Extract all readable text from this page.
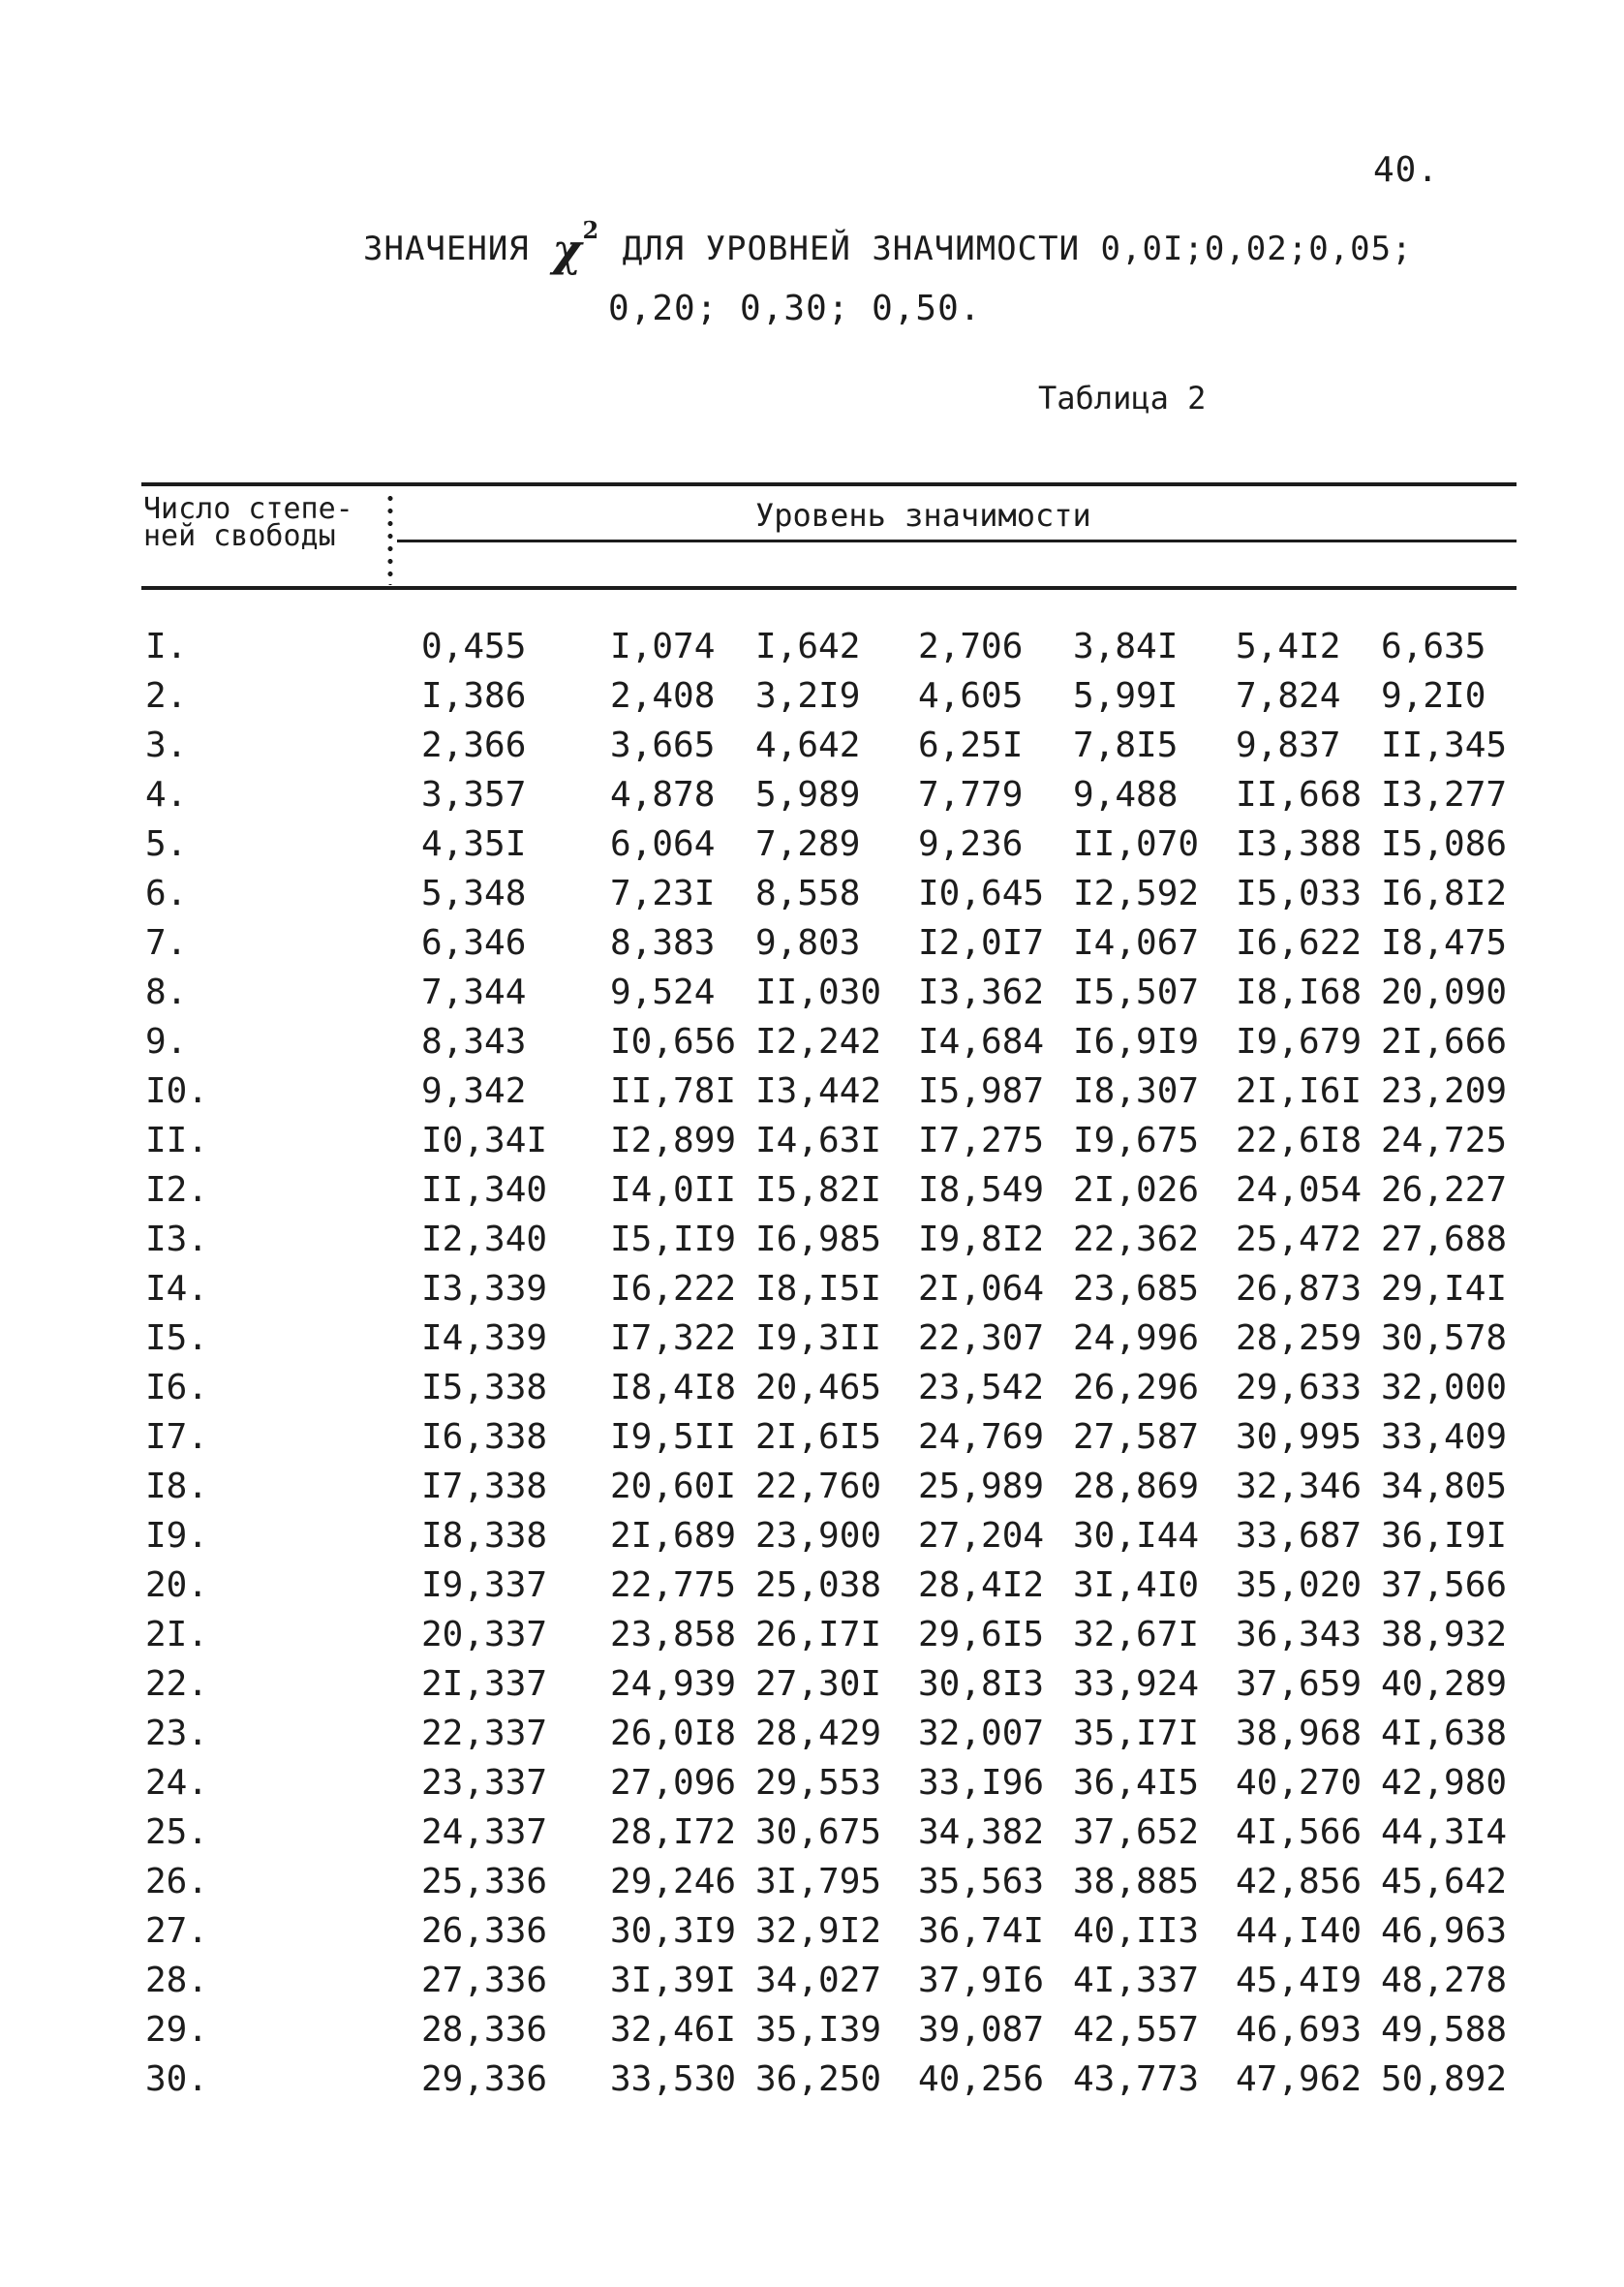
40.
ЗНАЧЕНИЯ $\chi^2$ ДЛЯ УРОВНЕЙ ЗНАЧИМОСТИ 0,0I;0,02;0,05;
0,20; 0,30; 0,50.
Таблица 2
Число степе-
ней свободы
Уровень значимости
I.	0,455	I,074	I,642	2,706	3,84I	5,4I2	6,635
2.	I,386	2,408	3,2I9	4,605	5,99I	7,824	9,2I0
3.	2,366	3,665	4,642	6,25I	7,8I5	9,837	II,345
4.	3,357	4,878	5,989	7,779	9,488	II,668	I3,277
5.	4,35I	6,064	7,289	9,236	II,070	I3,388	I5,086
6.	5,348	7,23I	8,558	I0,645	I2,592	I5,033	I6,8I2
7.	6,346	8,383	9,803	I2,0I7	I4,067	I6,622	I8,475
8.	7,344	9,524	II,030	I3,362	I5,507	I8,I68	20,090
9.	8,343	I0,656	I2,242	I4,684	I6,9I9	I9,679	2I,666
I0.	9,342	II,78I	I3,442	I5,987	I8,307	2I,I6I	23,209
II.	I0,34I	I2,899	I4,63I	I7,275	I9,675	22,6I8	24,725
I2.	II,340	I4,0II	I5,82I	I8,549	2I,026	24,054	26,227
I3.	I2,340	I5,II9	I6,985	I9,8I2	22,362	25,472	27,688
I4.	I3,339	I6,222	I8,I5I	2I,064	23,685	26,873	29,I4I
I5.	I4,339	I7,322	I9,3II	22,307	24,996	28,259	30,578
I6.	I5,338	I8,4I8	20,465	23,542	26,296	29,633	32,000
I7.	I6,338	I9,5II	2I,6I5	24,769	27,587	30,995	33,409
I8.	I7,338	20,60I	22,760	25,989	28,869	32,346	34,805
I9.	I8,338	2I,689	23,900	27,204	30,I44	33,687	36,I9I
20.	I9,337	22,775	25,038	28,4I2	3I,4I0	35,020	37,566
2I.	20,337	23,858	26,I7I	29,6I5	32,67I	36,343	38,932
22.	2I,337	24,939	27,30I	30,8I3	33,924	37,659	40,289
23.	22,337	26,0I8	28,429	32,007	35,I7I	38,968	4I,638
24.	23,337	27,096	29,553	33,I96	36,4I5	40,270	42,980
25.	24,337	28,I72	30,675	34,382	37,652	4I,566	44,3I4
26.	25,336	29,246	3I,795	35,563	38,885	42,856	45,642
27.	26,336	30,3I9	32,9I2	36,74I	40,II3	44,I40	46,963
28.	27,336	3I,39I	34,027	37,9I6	4I,337	45,4I9	48,278
29.	28,336	32,46I	35,I39	39,087	42,557	46,693	49,588
30.	29,336	33,530	36,250	40,256	43,773	47,962	50,892
